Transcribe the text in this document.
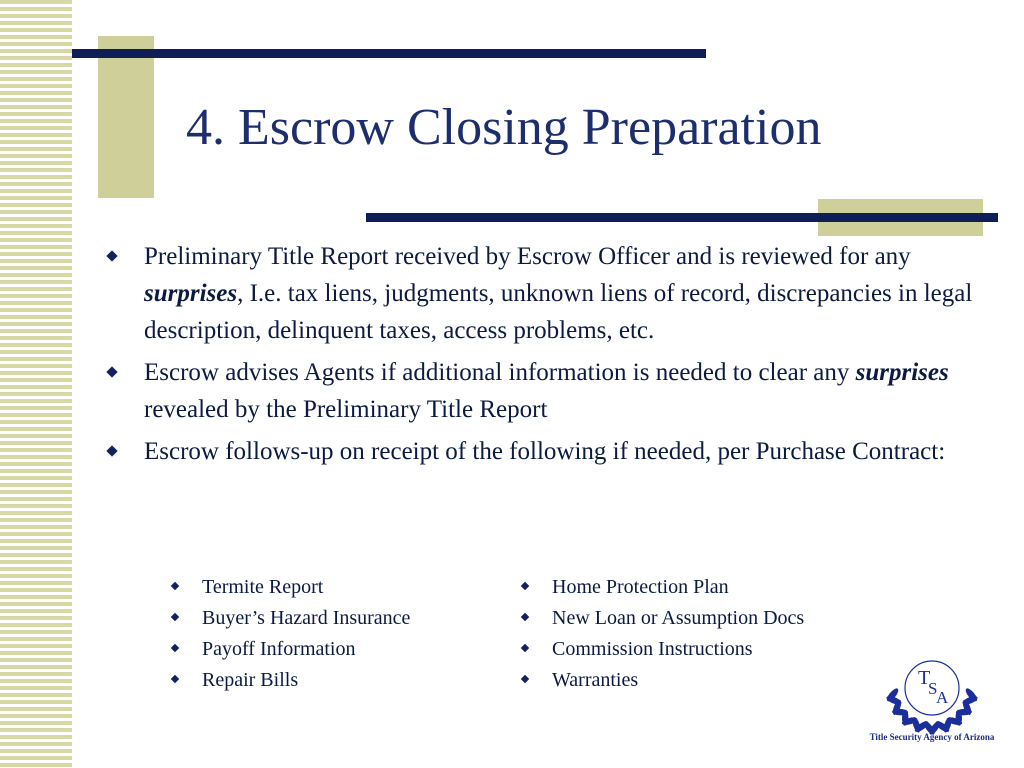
4. Escrow Closing Preparation
Preliminary Title Report received by Escrow Officer and is reviewed for any surprises, I.e. tax liens, judgments, unknown liens of record, discrepancies in legal description, delinquent taxes, access problems, etc.
Escrow advises Agents if additional information is needed to clear any surprises revealed by the Preliminary Title Report
Escrow follows-up on receipt of the following if needed, per Purchase Contract:
Termite Report
Buyer’s Hazard Insurance
Payoff Information
Repair Bills
Home Protection Plan
New Loan or Assumption Docs
Commission Instructions
Warranties	T
S
A
Title Security Agency of Arizona
